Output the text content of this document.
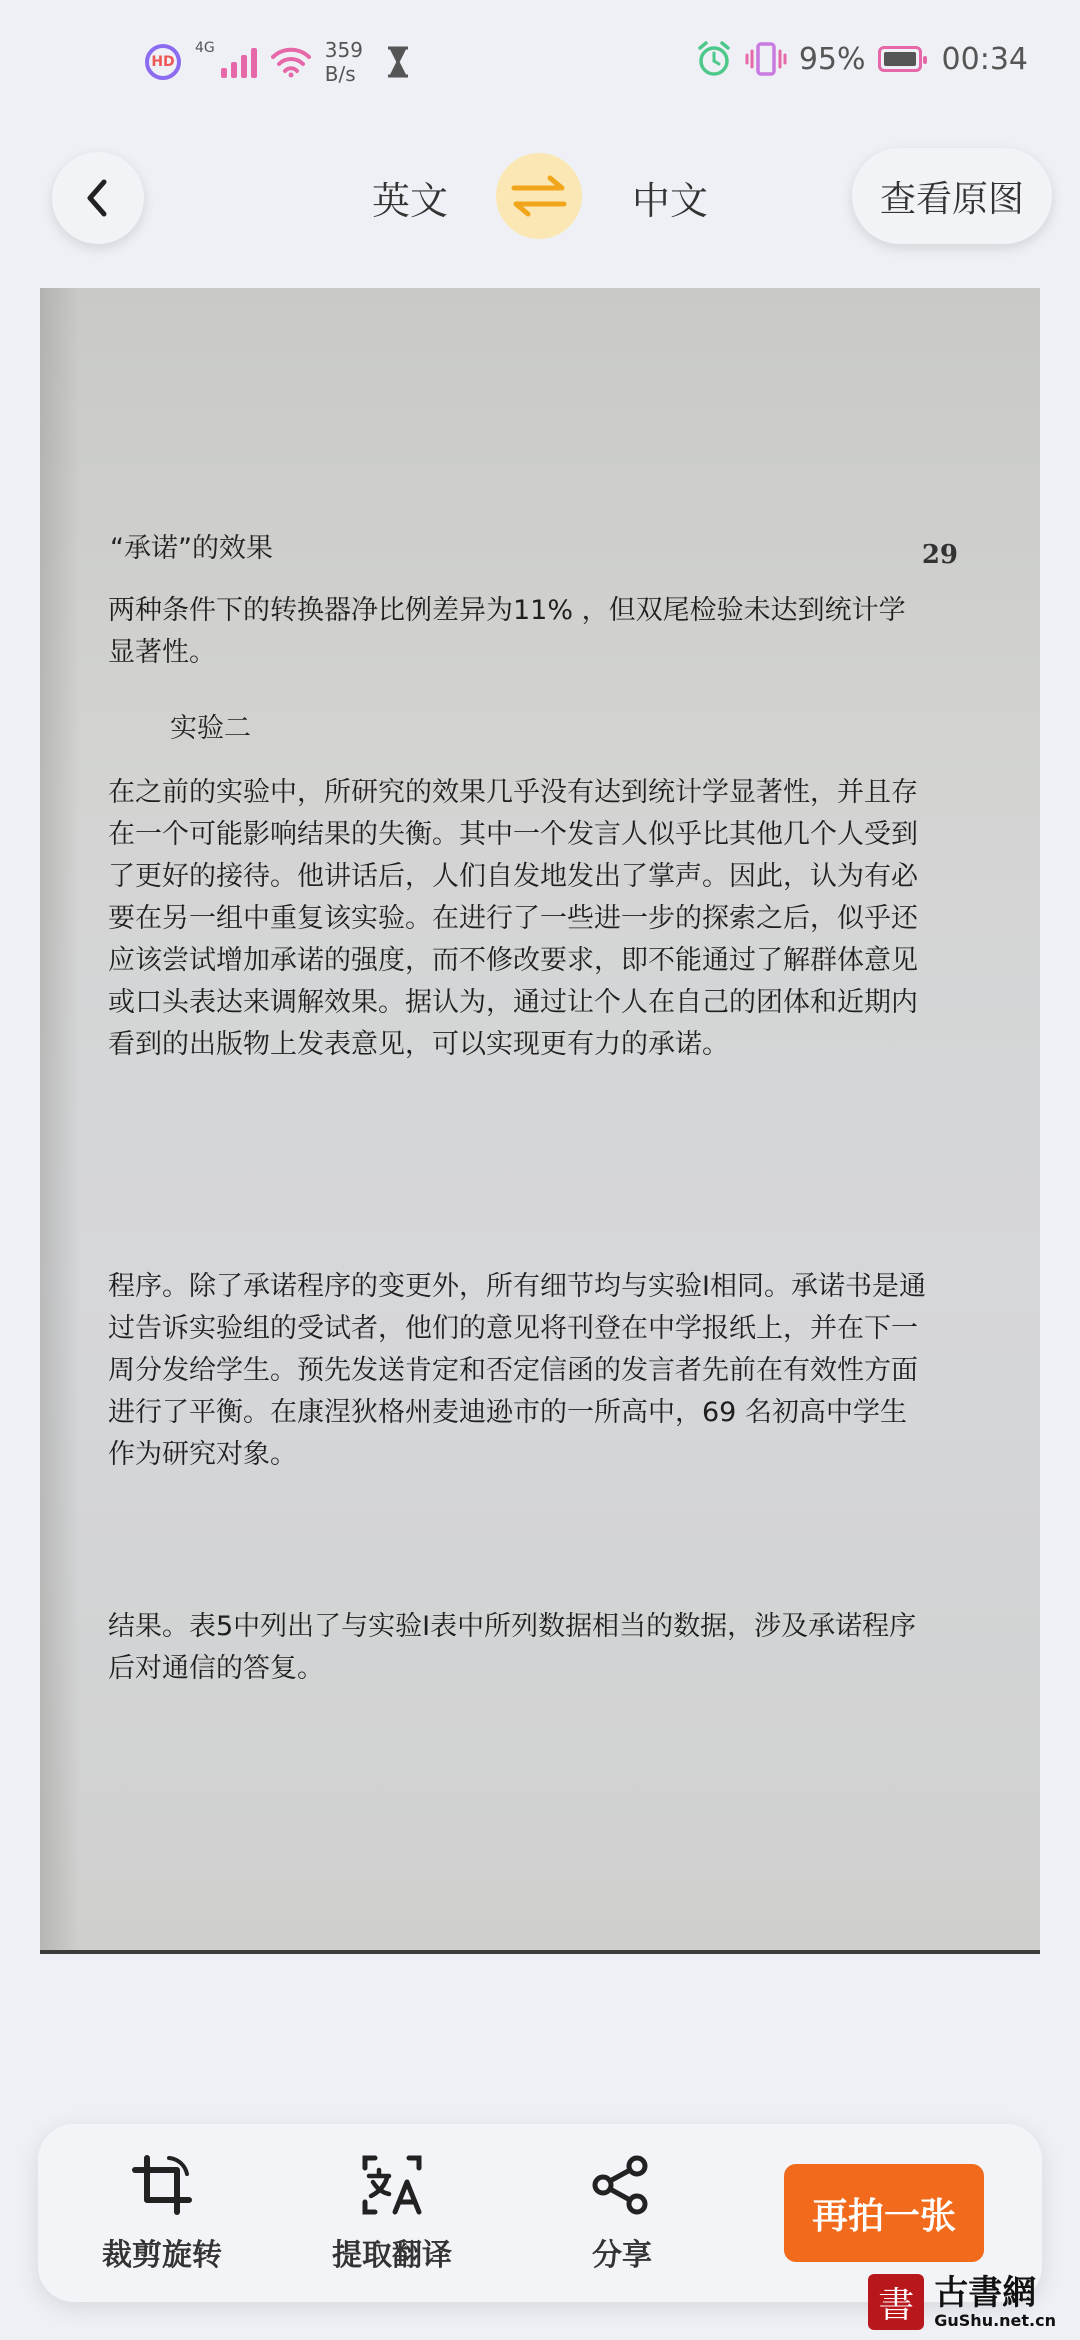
HD
4G	359
B/s	95%	00:34
英文	中文	查看原图
“承诺”的效果	29

两种条件下的转换器净比例差异为11% ，但双尾检验未达到统计学显著性。

实验二

在之前的实验中，所研究的效果几乎没有达到统计学显著性，并且存在一个可能影响结果的失衡。其中一个发言人似乎比其他几个人受到了更好的接待。他讲话后，人们自发地发出了掌声。因此，认为有必要在另一组中重复该实验。在进行了一些进一步的探索之后，似乎还应该尝试增加承诺的强度，而不修改要求，即不能通过了解群体意见或口头表达来调解效果。据认为，通过让个人在自己的团体和近期内看到的出版物上发表意见，可以实现更有力的承诺。

程序。除了承诺程序的变更外，所有细节均与实验I相同。承诺书是通过告诉实验组的受试者，他们的意见将刊登在中学报纸上，并在下一周分发给学生。预先发送肯定和否定信函的发言者先前在有效性方面进行了平衡。在康涅狄格州麦迪逊市的一所高中，69 名初高中学生作为研究对象。

结果。表5中列出了与实验I表中所列数据相当的数据，涉及承诺程序后对通信的答复。

裁剪旋转	提取翻译	分享
再拍一张
書 古書網
GuShu.net.cn
